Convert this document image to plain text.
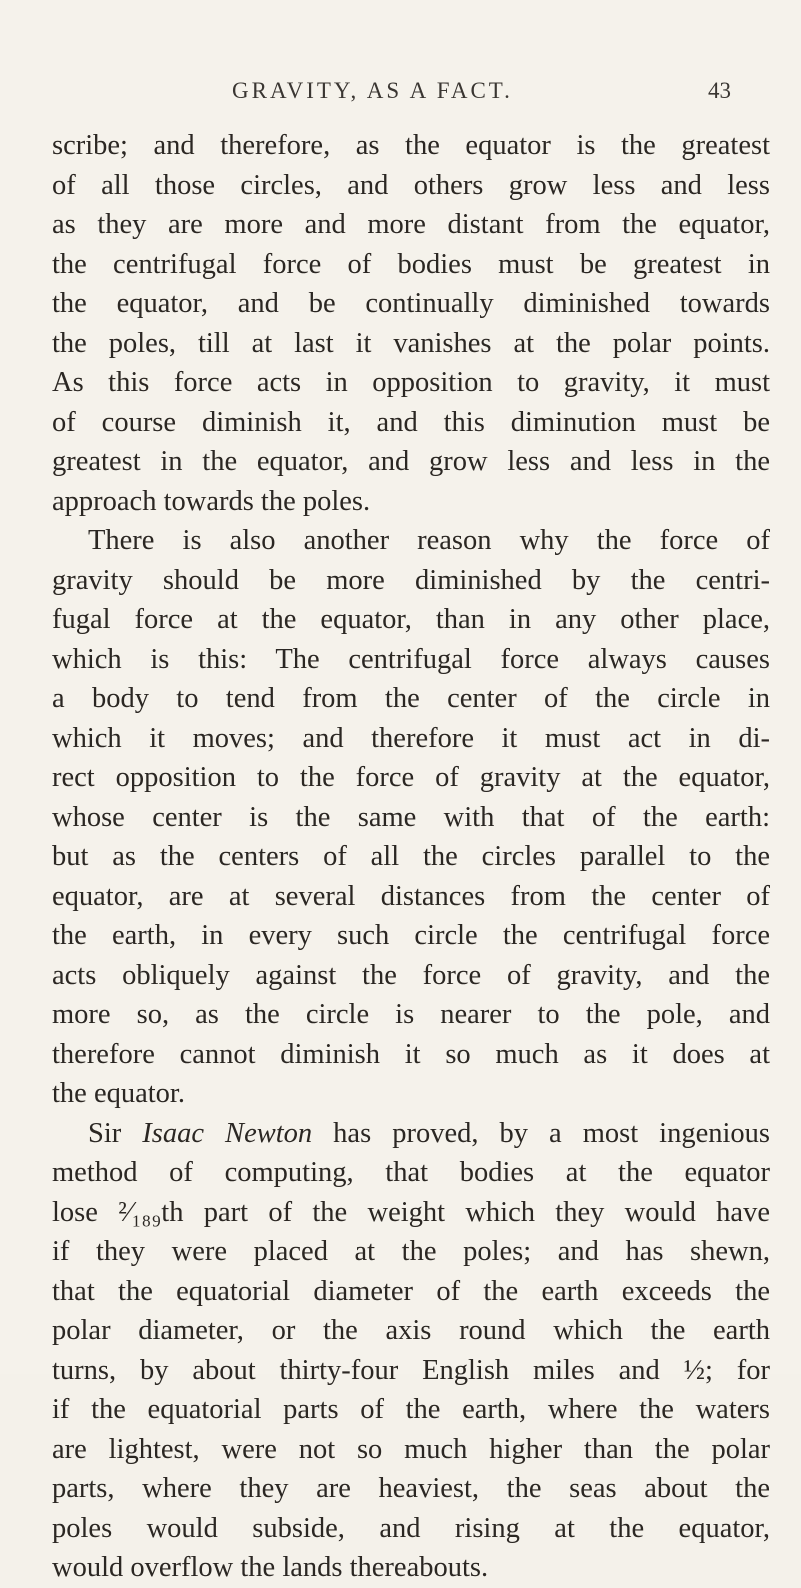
GRAVITY, AS A FACT.	43
scribe; and therefore, as the equator is the greatest
of all those circles, and others grow less and less
as they are more and more distant from the equator,
the centrifugal force of bodies must be greatest in
the equator, and be continually diminished towards
the poles, till at last it vanishes at the polar points.
As this force acts in opposition to gravity, it must
of course diminish it, and this diminution must be
greatest in the equator, and grow less and less in the
approach towards the poles.
There is also another reason why the force of
gravity should be more diminished by the centri-
fugal force at the equator, than in any other place,
which is this: The centrifugal force always causes
a body to tend from the center of the circle in
which it moves; and therefore it must act in di-
rect opposition to the force of gravity at the equator,
whose center is the same with that of the earth:
but as the centers of all the circles parallel to the
equator, are at several distances from the center of
the earth, in every such circle the centrifugal force
acts obliquely against the force of gravity, and the
more so, as the circle is nearer to the pole, and
therefore cannot diminish it so much as it does at
the equator.
Sir Isaac Newton has proved, by a most ingenious
method of computing, that bodies at the equator
lose ²⁄₁₈₉th part of the weight which they would have
if they were placed at the poles; and has shewn,
that the equatorial diameter of the earth exceeds the
polar diameter, or the axis round which the earth
turns, by about thirty-four English miles and ½; for
if the equatorial parts of the earth, where the waters
are lightest, were not so much higher than the polar
parts, where they are heaviest, the seas about the
poles would subside, and rising at the equator,
would overflow the lands thereabouts.
